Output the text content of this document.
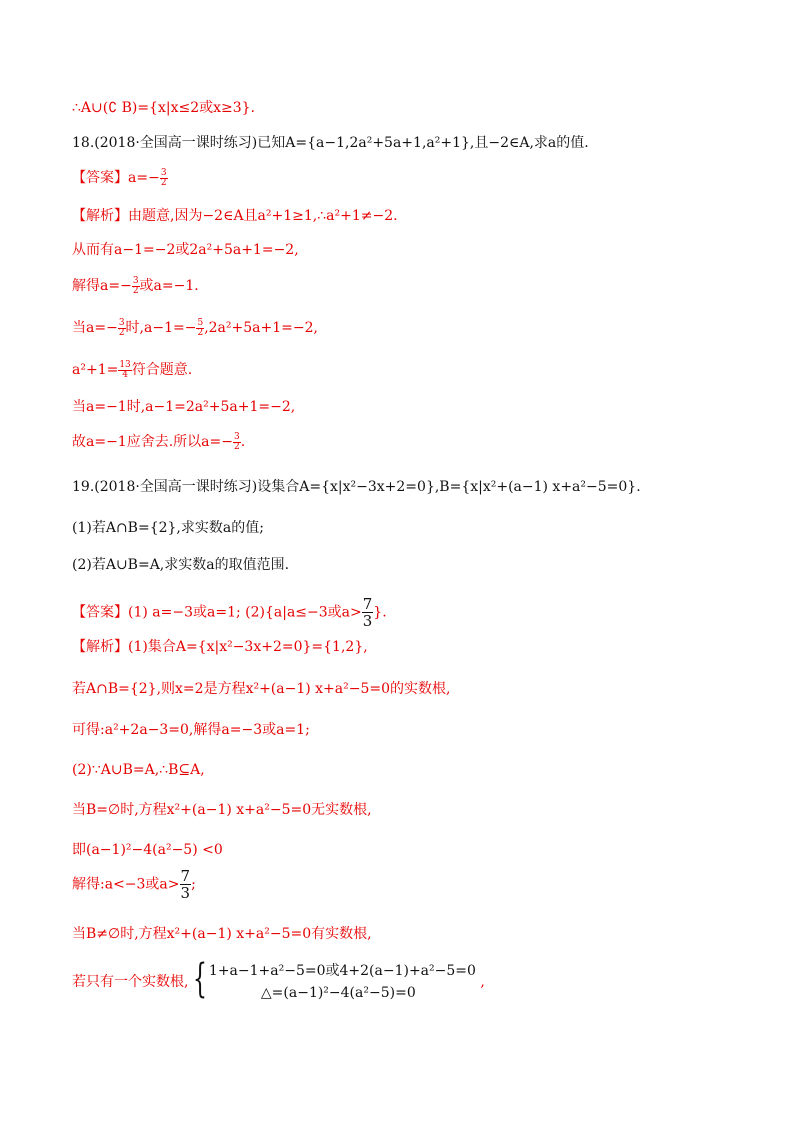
∴A∪(∁ B)={x|x≤2或x≥3}.
18.(2018·全国高一课时练习)已知A={a−1,2a²+5a+1,a²+1},且−2∈A,求a的值.
【答案】$a=- \frac{3}{2}$
【解析】由题意,因为−2∈A且a²+1≥1,∴a²+1≠−2.
从而有a−1=−2或2a²+5a+1=−2,
解得$a=- \frac{3}{2}$ 或a=−1.
当$a=- \frac{3}{2}$ 时$,a-1=- \frac{5}{2} ,2a^2+5a+1=-2$,
$a^2+1= \frac{13}{4}$ 符合题意.
当a=−1时,a−1=2a²+5a+1=−2,
故a=−1应舍去.所以$a=- \frac{3}{2}$ .
19.(2018·全国高一课时练习)设集合A={x|x²−3x+2=0},B={x|x²+(a−1) x+a²−5=0}.
(1)若A∩B={2},求实数a的值;
(2)若A∪B=A,求实数a的取值范围.
【答案】(1) a=−3或a=1; (2){a|a≤−3或$a> \frac{7}{3}$ }.
【解析】(1)集合A={x|x²−3x+2=0}={1,2},
若A∩B={2},则x=2是方程x²+(a−1) x+a²−5=0的实数根,
可得:a²+2a−3=0,解得a=−3或a=1;
(2)∵A∪B=A,∴B⊆A,
当B=∅时,方程x²+(a−1) x+a²−5=0无实数根,
即(a−1)²−4(a²−5) <0
解得:a<−3或$a> \frac{7}{3}$ ;
当B≠∅时,方程x²+(a−1) x+a²−5=0有实数根,
若只有一个实数根, { 1+a−1+a²−5=0或4+2(a−1)+a²−5=0
△=(a−1)²−4(a²−5)=0
,
